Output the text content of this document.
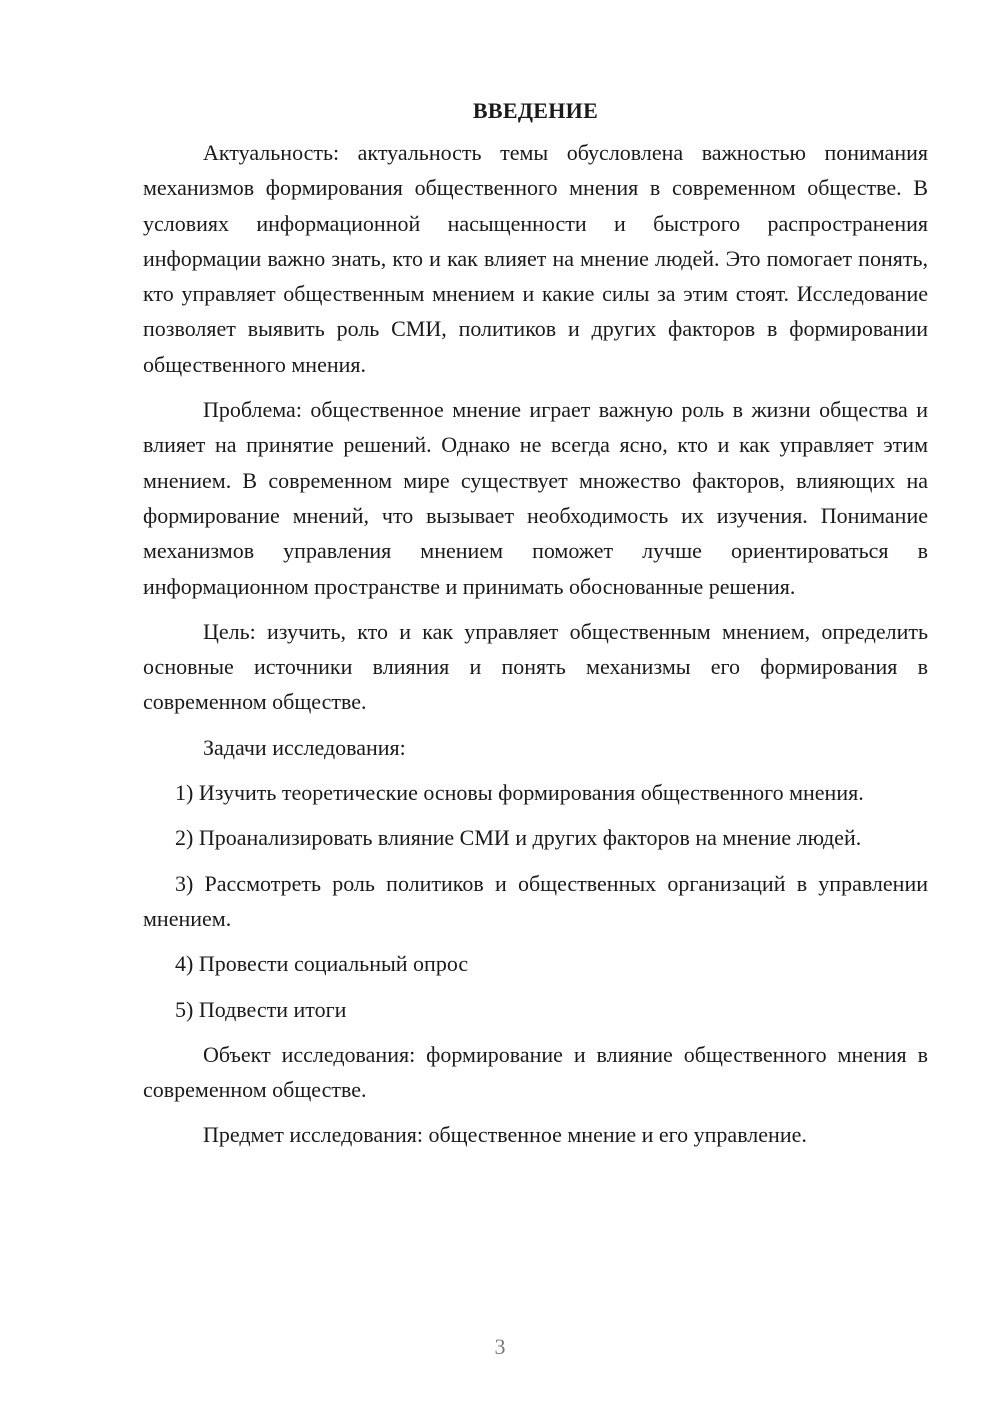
ВВЕДЕНИЕ

Актуальность: актуальность темы обусловлена важностью понимания механизмов формирования общественного мнения в современном обществе. В условиях информационной насыщенности и быстрого распространения информации важно знать, кто и как влияет на мнение людей. Это помогает понять, кто управляет общественным мнением и какие силы за этим стоят. Исследование позволяет выявить роль СМИ, политиков и других факторов в формировании общественного мнения.

Проблема: общественное мнение играет важную роль в жизни общества и влияет на принятие решений. Однако не всегда ясно, кто и как управляет этим мнением. В современном мире существует множество факторов, влияющих на формирование мнений, что вызывает необходимость их изучения. Понимание механизмов управления мнением поможет лучше ориентироваться в информационном пространстве и принимать обоснованные решения.

Цель: изучить, кто и как управляет общественным мнением, определить основные источники влияния и понять механизмы его формирования в современном обществе.

Задачи исследования:

1) Изучить теоретические основы формирования общественного мнения.

2) Проанализировать влияние СМИ и других факторов на мнение людей.

3) Рассмотреть роль политиков и общественных организаций в управлении мнением.

4) Провести социальный опрос

5) Подвести итоги

Объект исследования: формирование и влияние общественного мнения в современном обществе.

Предмет исследования: общественное мнение и его управление.

3
